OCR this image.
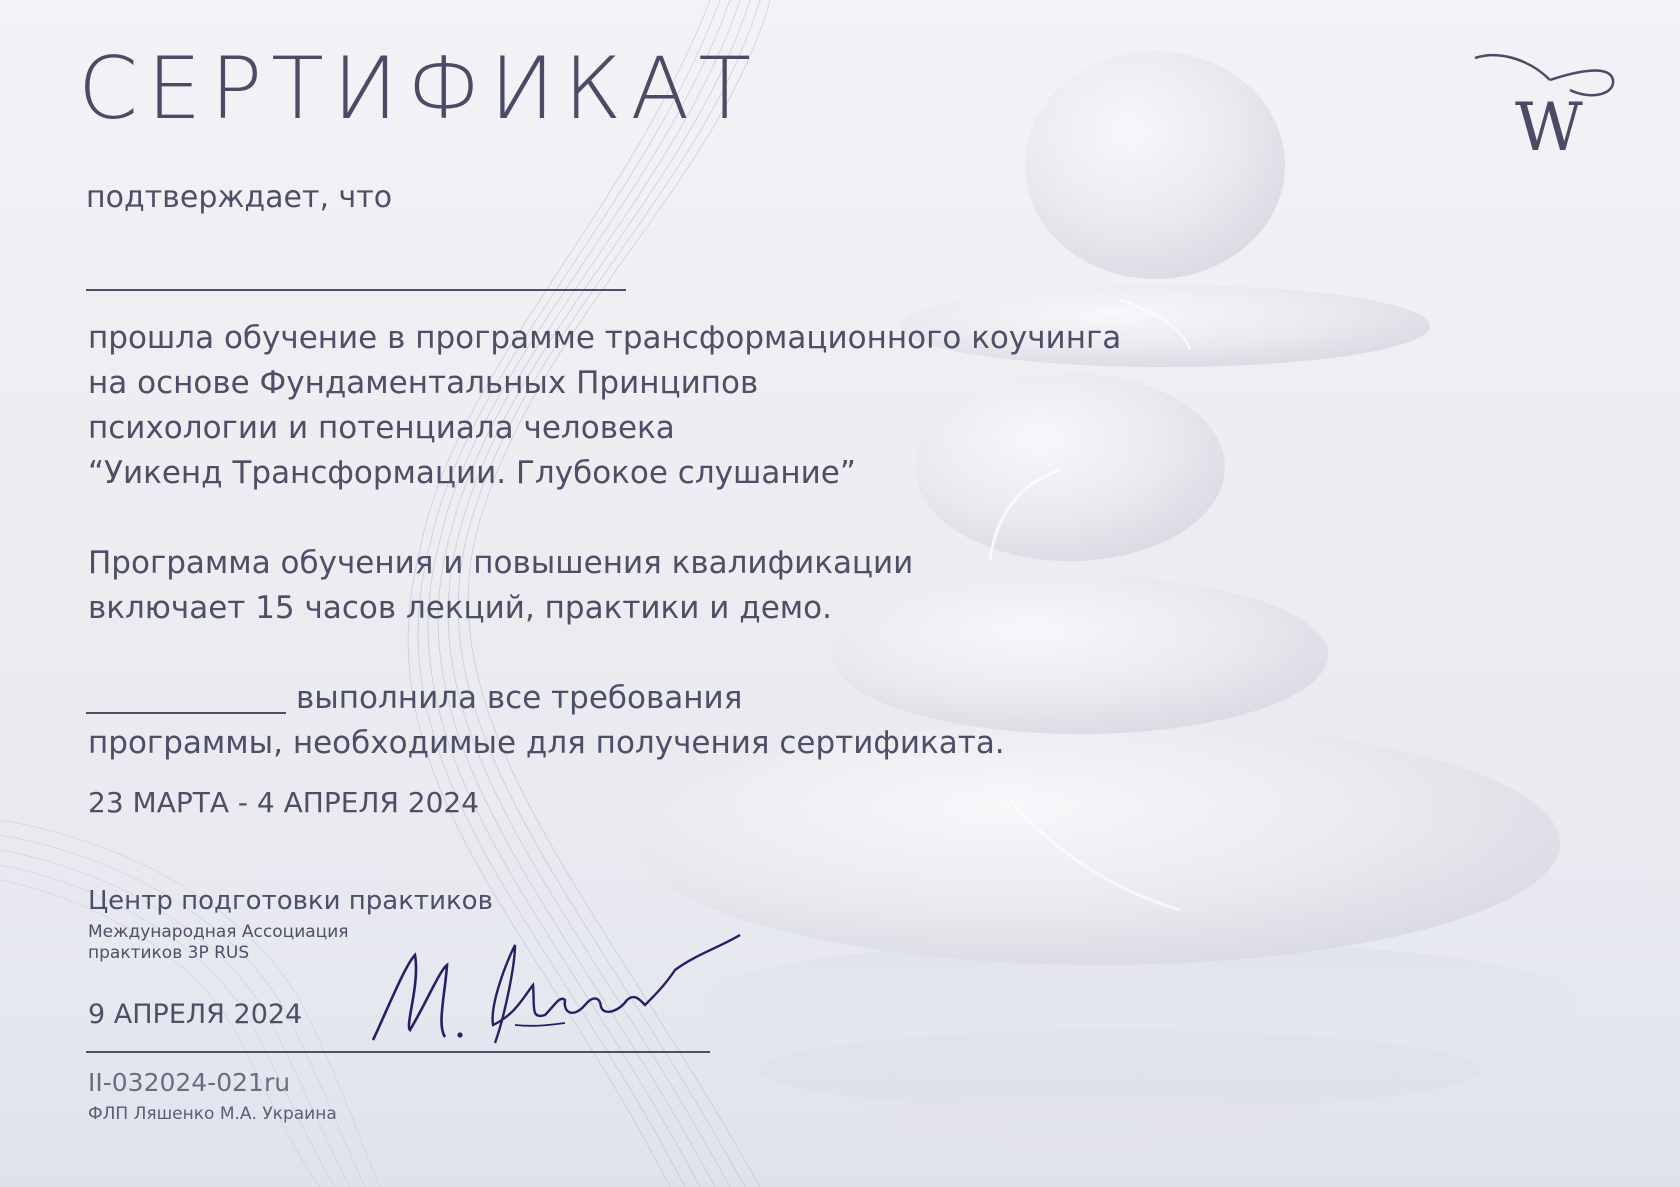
W
СЕРТИФИКАТ
подтверждает, что
прошла обучение в программе трансформационного коучинга
на основе Фундаментальных Принципов
психологии и потенциала человека
“Уикенд Трансформации. Глубокое слушание”
Программа обучения и повышения квалификации
включает 15 часов лекций, практики и демо.
выполнила все требования
программы, необходимые для получения сертификата.
23 МАРТА - 4 АПРЕЛЯ 2024
Центр подготовки практиков
Международная Ассоциация
практиков 3P RUS
9 АПРЕЛЯ 2024
II-032024-021ru
ФЛП Ляшенко М.А. Украина
